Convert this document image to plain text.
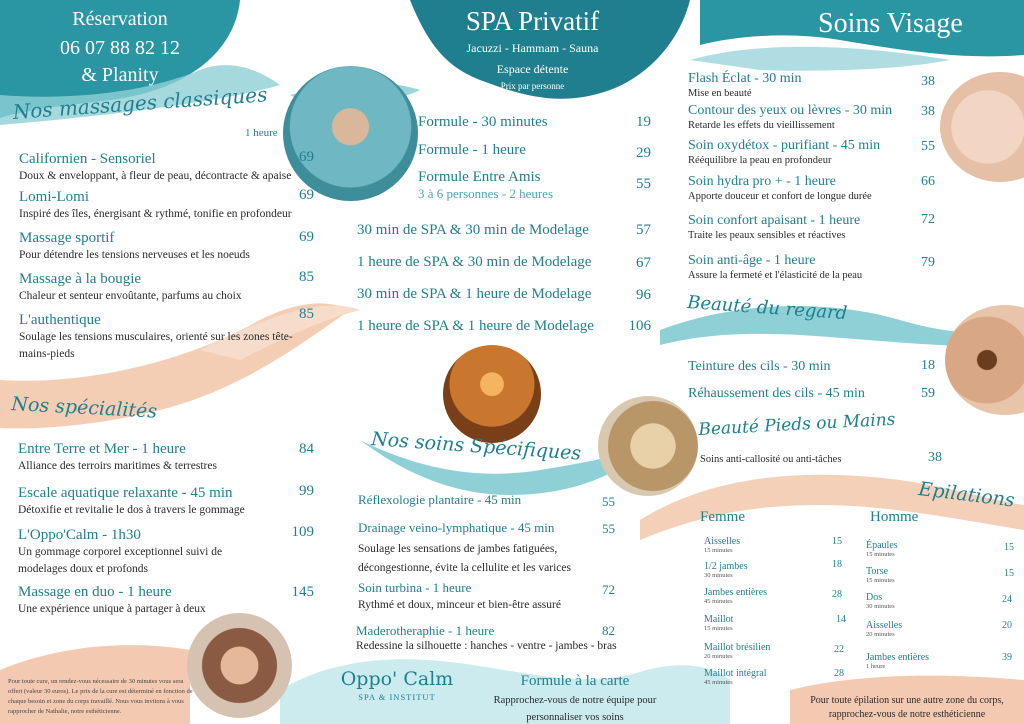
Réservation
06 07 88 82 12
& Planity
SPA Privatif
Jacuzzi - Hammam - Sauna
Espace détente
Prix par personne
Soins Visage
Nos massages classiques
1 heure
Californien - Sensoriel
Doux & enveloppant, à fleur de peau, décontracte & apaise
69
Lomi-Lomi
Inspiré des îles, énergisant & rythmé, tonifie en profondeur
69
Massage sportif
Pour détendre les tensions nerveuses et les noeuds
69
Massage à la bougie
Chaleur et senteur envoûtante, parfums au choix
85
L'authentique
Soulage les tensions musculaires, orienté sur les zones tête-mains-pieds
85
Nos spécialités
Entre Terre et Mer - 1 heure
Alliance des terroirs maritimes & terrestres
84
Escale aquatique relaxante - 45 min
Détoxifie et revitalie le dos à travers le gommage
99
L'Oppo'Calm - 1h30
Un gommage corporel exceptionnel suivi de modelages doux et profonds
109
Massage en duo - 1 heure
Une expérience unique à partager à deux
145
Pour toute cure, un rendez-vous nécessaire de 30 minutes vous sera offert (valeur 30 euros). Le prix de la cure est déterminé en fonction de chaque besoin et zone du corps travaillé. Nous vous invitons à vous rapprocher de Nathalie, notre esthéticienne.
Formule - 30 minutes	19
Formule - 1 heure	29
Formule Entre Amis
3 à 6 personnes - 2 heures
55
30 min de SPA & 30 min de Modelage	57
1 heure de SPA & 30 min de Modelage	67
30 min de SPA & 1 heure de Modelage	96
1 heure de SPA & 1 heure de Modelage	106
Nos soins Spécifiques
Réflexologie plantaire - 45 min	55
Drainage veino-lymphatique - 45 min	55
Soulage les sensations de jambes fatiguées, décongestionne, évite la cellulite et les varices
Soin turbina - 1 heure	72
Rythmé et doux, minceur et bien-être assuré
Maderotheraphie - 1 heure	82
Redessine la silhouette : hanches - ventre - jambes - bras
Oppo' Calm
SPA & INSTITUT
Formule à la carte
Rapprochez-vous de notre équipe pour personnaliser vos soins
Flash Éclat - 30 min
Mise en beauté
38
Contour des yeux ou lèvres - 30 min
Retarde les effets du vieillissement
38
Soin oxydétox - purifiant - 45 min
Rééquilibre la peau en profondeur
55
Soin hydra pro + - 1 heure
Apporte douceur et confort de longue durée
66
Soin confort apaisant - 1 heure
Traite les peaux sensibles et réactives
72
Soin anti-âge - 1 heure
Assure la fermeté et l'élasticité de la peau
79
Beauté du regard
Teinture des cils - 30 min	18
Réhaussement des cils - 45 min	59
Beauté Pieds ou Mains
Soins anti-callosité ou anti-tâches	38
Epilations
Femme	Homme
Aisselles
15 minutes
15
1/2 jambes
30 minutes
18
Jambes entières
45 minutes
28
Maillot
15 minutes
14
Maillot brésilien
20 minutes
22
Maillot intégral
45 minutes
28
Épaules
15 minutes
15
Torse
15 minutes
15
Dos
30 minutes
24
Aisselles
20 minutes
20
Jambes entières
1 heure
39
Pour toute épilation sur une autre zone du corps, rapprochez-vous de notre esthéticienne
